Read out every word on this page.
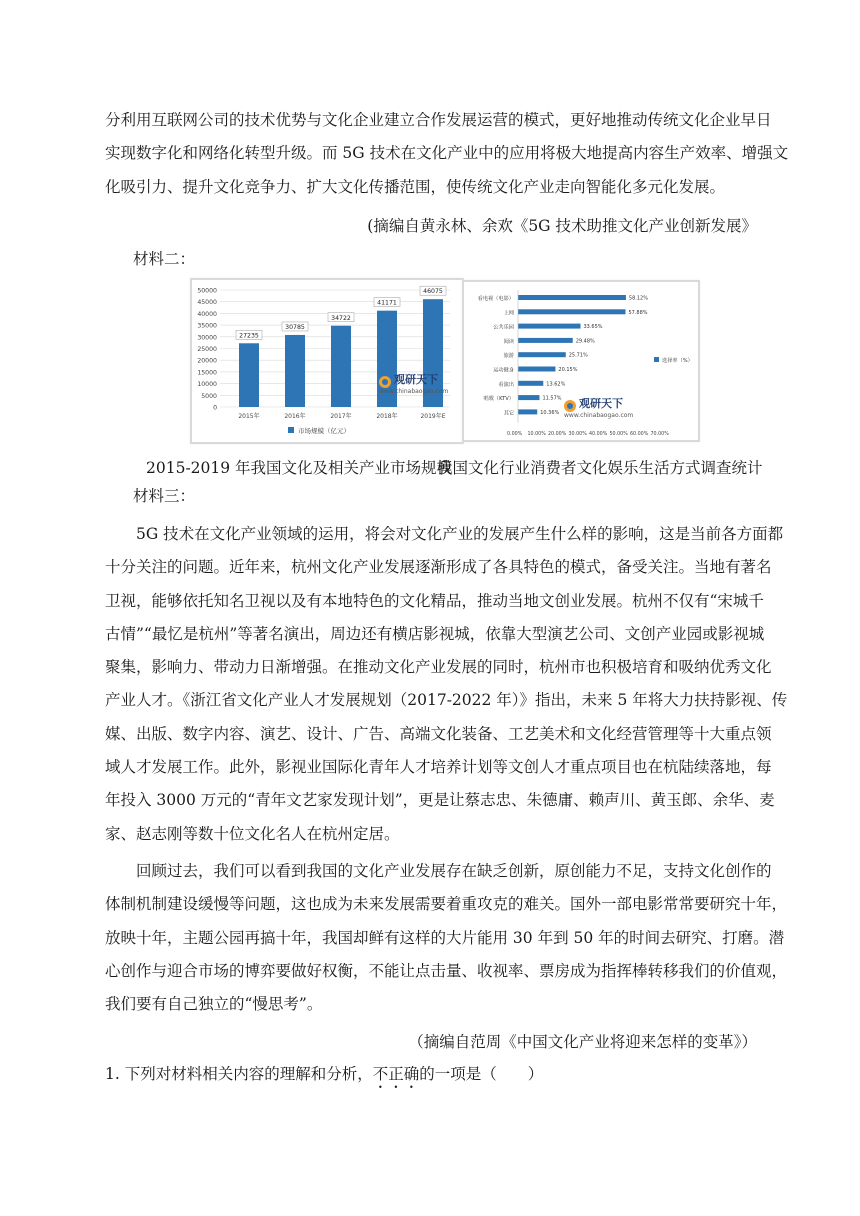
分利用互联网公司的技术优势与文化企业建立合作发展运营的模式，更好地推动传统文化企业早日
实现数字化和网络化转型升级。而 5G 技术在文化产业中的应用将极大地提高内容生产效率、增强文
化吸引力、提升文化竞争力、扩大文化传播范围，使传统文化产业走向智能化多元化发展。
(摘编自黄永林、余欢《5G 技术助推文化产业创新发展》
材料二：
50000
45000
40000
35000
30000
25000
20000
15000
10000
5000
0
27235
2015年
30785
2016年
34722
2017年
41171
2018年
46075
2019年E
市场规模（亿元）
观研天下
www.chinabaogao.com
看电视（电影）	58.12%
上网	57.88%
公共乐园	33.65%
阅读	29.48%
旅游	25.71%
运动健身	20.15%
看演出	13.62%
唱歌（KTV）	11.57%
其它	10.36%
0.00% 10.00% 20.00% 30.00% 40.00% 50.00% 60.00% 70.00%
选择率（%）
观研天下
www.chinabaogao.com
2015-2019 年我国文化及相关产业市场规模
我国文化行业消费者文化娱乐生活方式调查统计
材料三：
5G 技术在文化产业领域的运用，将会对文化产业的发展产生什么样的影响，这是当前各方面都
十分关注的问题。近年来，杭州文化产业发展逐渐形成了各具特色的模式，备受关注。当地有著名
卫视，能够依托知名卫视以及有本地特色的文化精品，推动当地文创业发展。杭州不仅有“宋城千
古情”“最忆是杭州”等著名演出，周边还有横店影视城，依靠大型演艺公司、文创产业园或影视城
聚集，影响力、带动力日渐增强。在推动文化产业发展的同时，杭州市也积极培育和吸纳优秀文化
产业人才。《浙江省文化产业人才发展规划（2017-2022 年）》指出，未来 5 年将大力扶持影视、传
媒、出版、数字内容、演艺、设计、广告、高端文化装备、工艺美术和文化经营管理等十大重点领
域人才发展工作。此外，影视业国际化青年人才培养计划等文创人才重点项目也在杭陆续落地，每
年投入 3000 万元的“青年文艺家发现计划”，更是让蔡志忠、朱德庸、赖声川、黄玉郎、余华、麦
家、赵志刚等数十位文化名人在杭州定居。
回顾过去，我们可以看到我国的文化产业发展存在缺乏创新，原创能力不足，支持文化创作的
体制机制建设缓慢等问题，这也成为未来发展需要着重攻克的难关。国外一部电影常常要研究十年，
放映十年，主题公园再搞十年，我国却鲜有这样的大片能用 30 年到 50 年的时间去研究、打磨。潜
心创作与迎合市场的博弈要做好权衡，不能让点击量、收视率、票房成为指挥棒转移我们的价值观，
我们要有自己独立的“慢思考”。
（摘编自范周《中国文化产业将迎来怎样的变革》）
1. 下列对材料相关内容的理解和分析，不正确的一项是（　　）
